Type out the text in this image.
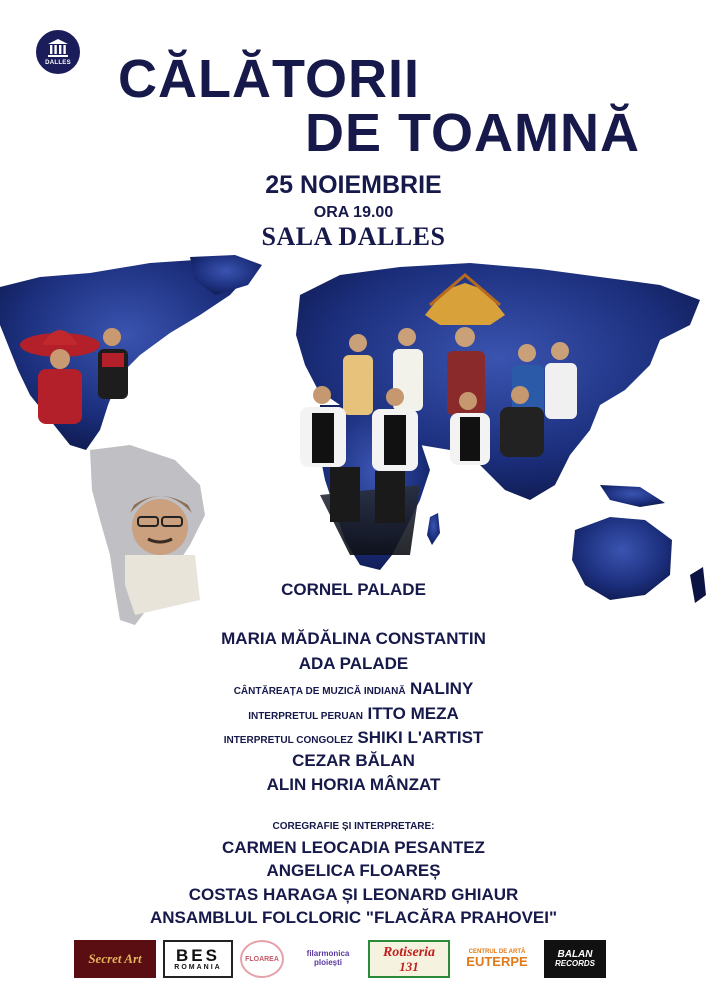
DALLES CĂLĂTORII
DE TOAMNĂ
25 NOIEMBRIE
ORA 19.00
SALA DALLES
CORNEL PALADE
MARIA MĂDĂLINA CONSTANTIN
ADA PALADE
CÂNTĂREAȚA DE MUZICĂ INDIANĂ NALINY
INTERPRETUL PERUAN ITTO MEZA
INTERPRETUL CONGOLEZ SHIKI L'ARTIST
CEZAR BĂLAN
ALIN HORIA MÂNZAT
COREGRAFIE ȘI INTERPRETARE:
CARMEN LEOCADIA PESANTEZ
ANGELICA FLOAREȘ
COSTAS HARAGA ȘI LEONARD GHIAUR
ANSAMBLUL FOLCLORIC "FLACĂRA PRAHOVEI"
Secret Art BES
ROMANIA
FLOAREA
filarmonica ploiești
Rotiseria
131
CENTRUL DE ARTĂ
EUTERPE	BALAN
RECORDS
